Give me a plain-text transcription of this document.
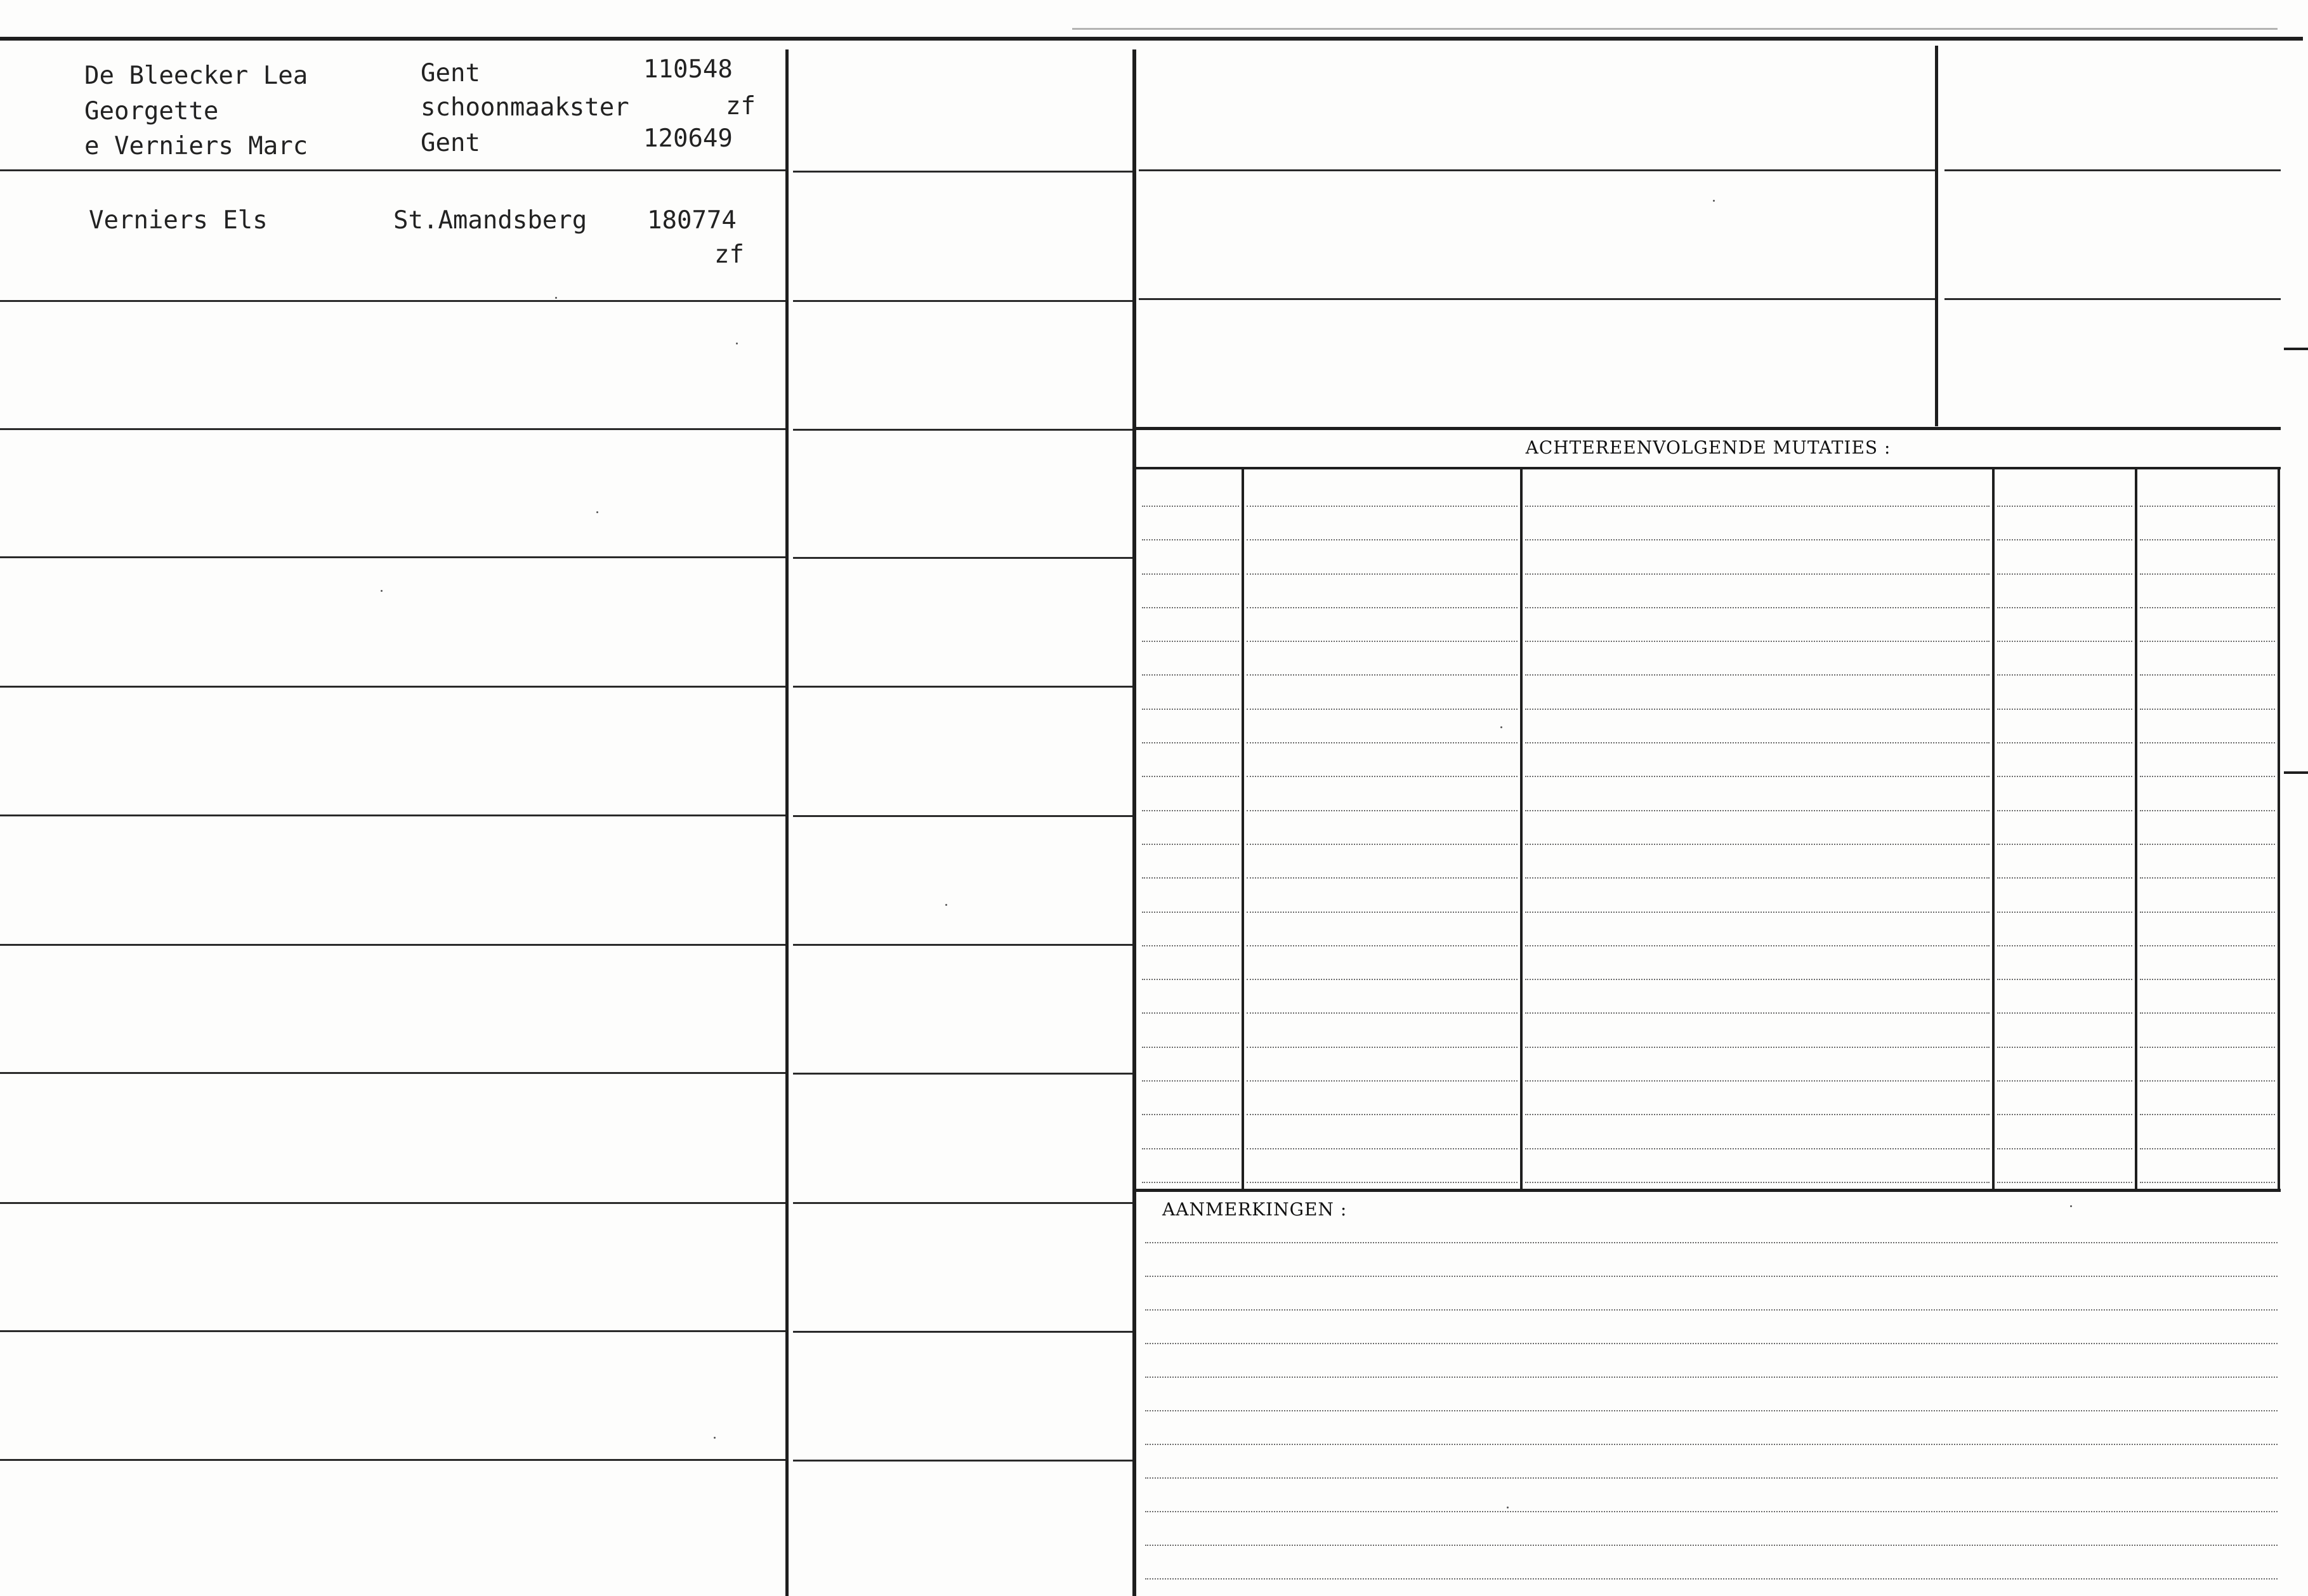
ACHTEREENVOLGENDE MUTATIES :
AANMERKINGEN :
De Bleecker Lea
Georgette
e Verniers Marc
Gent
schoonmaakster
Gent
110548
zf
120649
Verniers Els	St.Amandsberg 180774
zf
